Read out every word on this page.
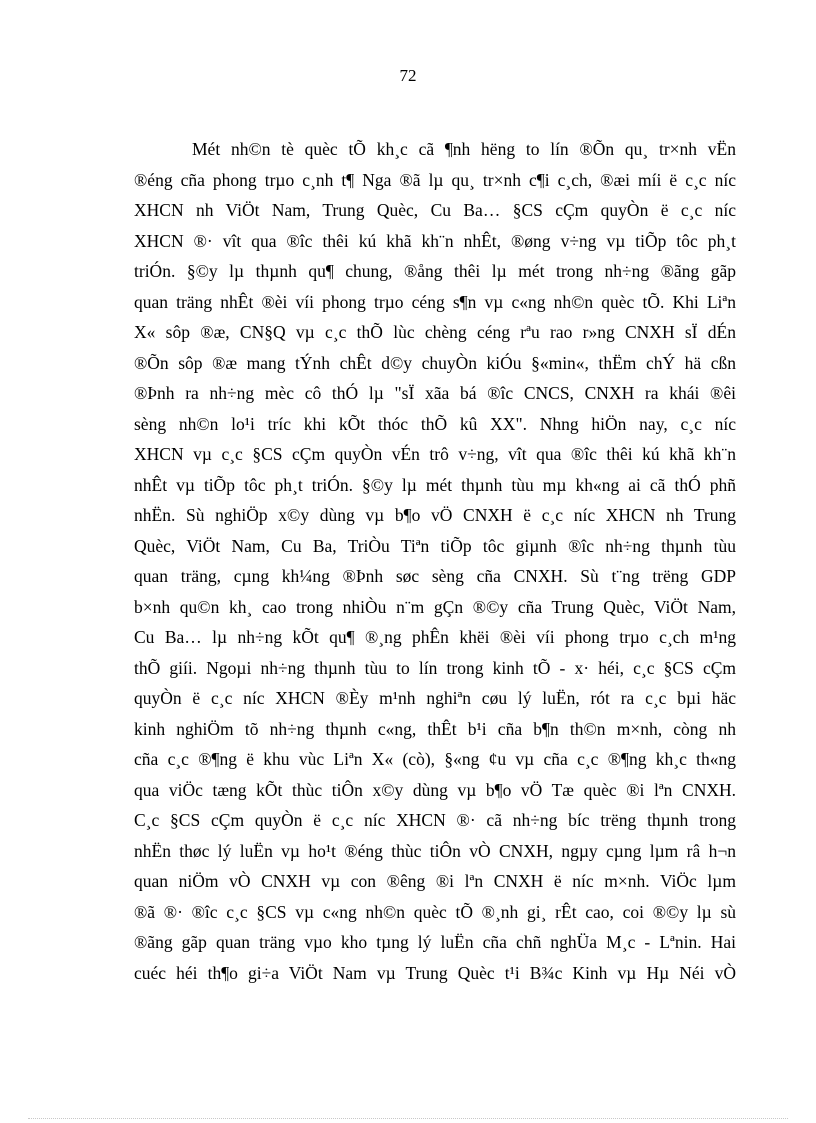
72
Mét nh©n tè quèc tÕ kh¸c cã ¶nh hëng to lín ®Õn qu¸ tr×nh vËn
®éng cña phong trµo c¸nh t¶ Nga ®ã lµ qu¸ tr×nh c¶i c¸ch, ®æi míi ë c¸c níc
XHCN nh ViÖt Nam, Trung Quèc, Cu Ba… §CS cÇm quyÒn ë c¸c níc
XHCN ®· vît qua ®îc thêi kú khã kh¨n nhÊt, ®øng v÷ng vµ tiÕp tôc ph¸t
triÓn. §©y lµ thµnh qu¶ chung, ®ång thêi lµ mét trong nh÷ng ®ãng gãp
quan träng nhÊt ®èi víi phong trµo céng s¶n vµ c«ng nh©n quèc tÕ. Khi Liªn
X« sôp ®æ, CN§Q vµ c¸c thÕ lùc chèng céng rªu rao r»ng CNXH sÏ dÉn
®Õn sôp ®æ mang tÝnh chÊt d©y chuyÒn kiÓu §«min«, thËm chÝ hä cßn
®Þnh ra nh÷ng mèc cô thÓ lµ "sÏ xãa bá ®îc CNCS, CNXH ra khái ®êi
sèng nh©n lo¹i tríc khi kÕt thóc thÕ kû XX". Nhng hiÖn nay, c¸c níc
XHCN vµ c¸c §CS cÇm quyÒn vÉn trô v÷ng, vît qua ®îc thêi kú khã kh¨n
nhÊt vµ tiÕp tôc ph¸t triÓn. §©y lµ mét thµnh tùu mµ kh«ng ai cã thÓ phñ
nhËn. Sù nghiÖp x©y dùng vµ b¶o vÖ CNXH ë c¸c níc XHCN nh Trung
Quèc, ViÖt Nam, Cu Ba, TriÒu Tiªn tiÕp tôc giµnh ®îc nh÷ng thµnh tùu
quan träng, cµng kh¼ng ®Þnh søc sèng cña CNXH. Sù t¨ng trëng GDP
b×nh qu©n kh¸ cao trong nhiÒu n¨m gÇn ®©y cña Trung Quèc, ViÖt Nam,
Cu Ba… lµ nh÷ng kÕt qu¶ ®¸ng phÊn khëi ®èi víi phong trµo c¸ch m¹ng
thÕ giíi. Ngoµi nh÷ng thµnh tùu to lín trong kinh tÕ - x· héi, c¸c §CS cÇm
quyÒn ë c¸c níc XHCN ®Èy m¹nh nghiªn cøu lý luËn, rót ra c¸c bµi häc
kinh nghiÖm tõ nh÷ng thµnh c«ng, thÊt b¹i cña b¶n th©n m×nh, còng nh
cña c¸c ®¶ng ë khu vùc Liªn X« (cò), §«ng ¢u vµ cña c¸c ®¶ng kh¸c th«ng
qua viÖc tæng kÕt thùc tiÔn x©y dùng vµ b¶o vÖ Tæ quèc ®i lªn CNXH.
C¸c §CS cÇm quyÒn ë c¸c níc XHCN ®· cã nh÷ng bíc trëng thµnh trong
nhËn thøc lý luËn vµ ho¹t ®éng thùc tiÔn vÒ CNXH, ngµy cµng lµm râ h¬n
quan niÖm vÒ CNXH vµ con ®êng ®i lªn CNXH ë níc m×nh. ViÖc lµm
®ã ®· ®îc c¸c §CS vµ c«ng nh©n quèc tÕ ®¸nh gi¸ rÊt cao, coi ®©y lµ sù
®ãng gãp quan träng vµo kho tµng lý luËn cña chñ nghÜa M¸c - Lªnin. Hai
cuéc héi th¶o gi÷a ViÖt Nam vµ Trung Quèc t¹i B¾c Kinh vµ Hµ Néi vÒ
